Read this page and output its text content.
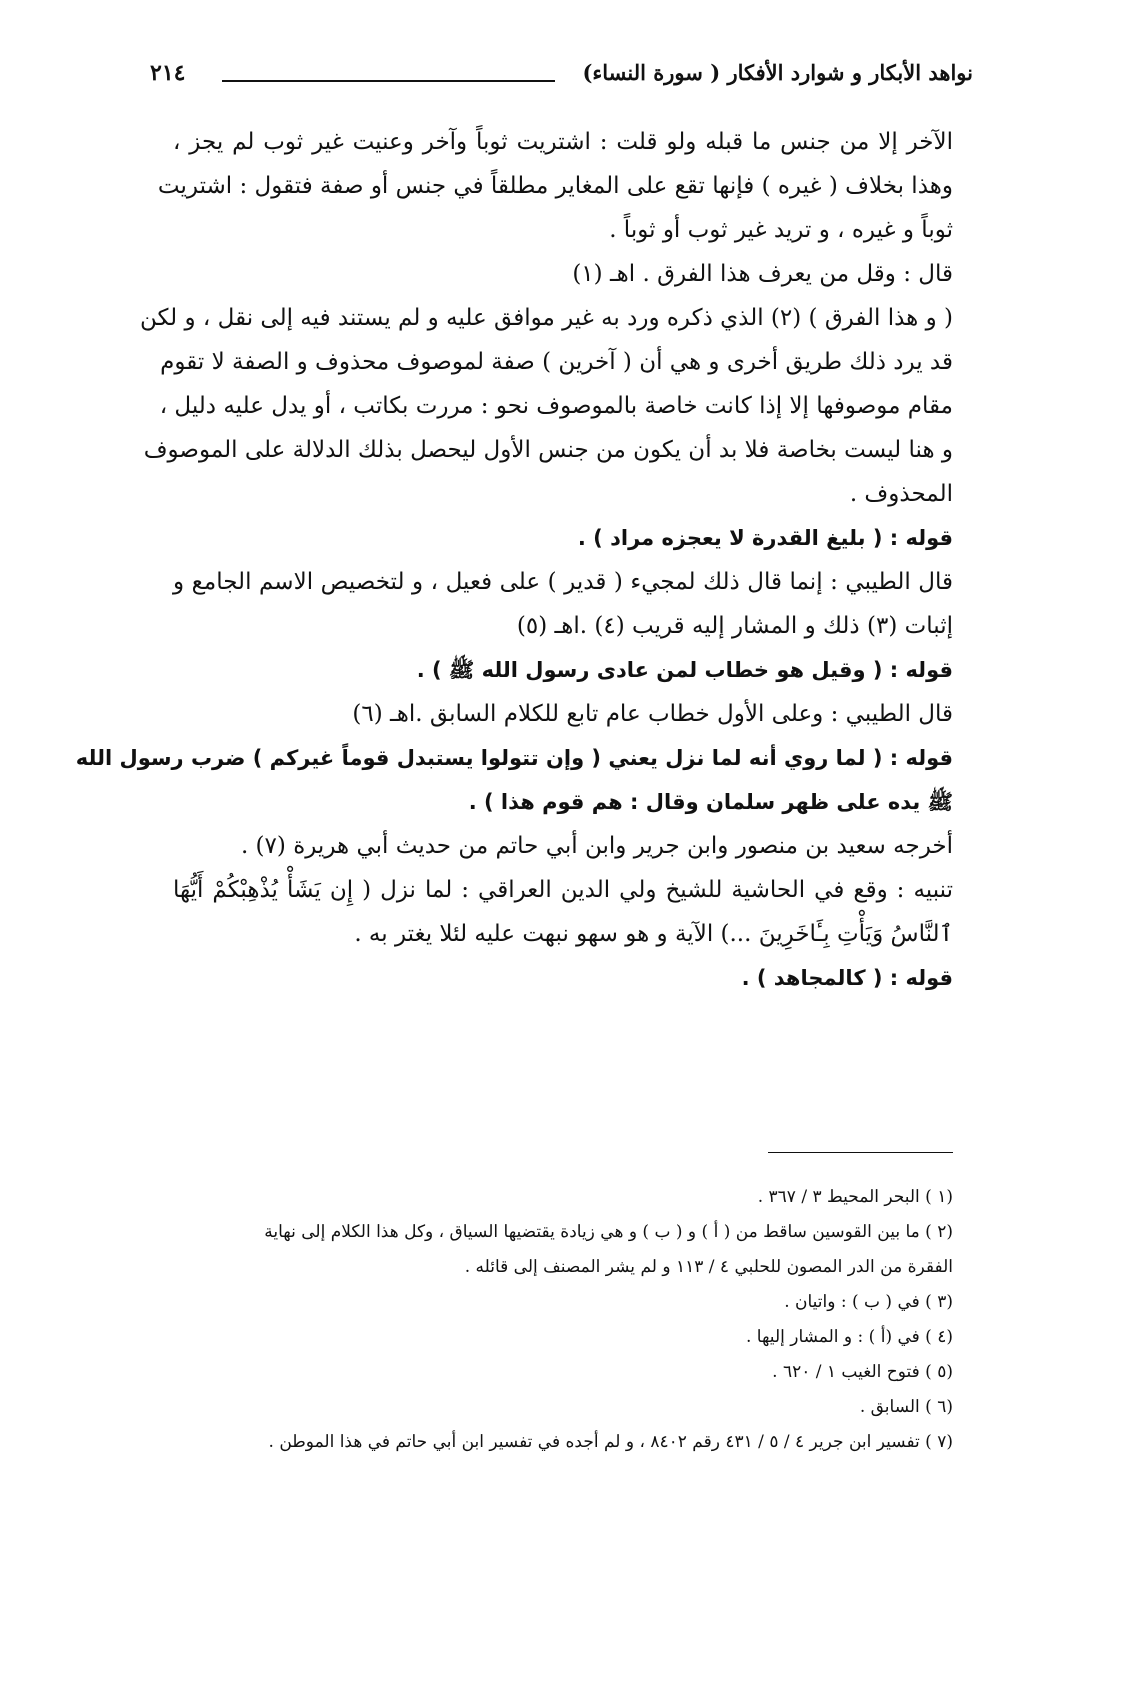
نواهد الأبكار و شوارد الأفكار ( سورة النساء)
٢١٤
الآخر إلا من جنس ما قبله ولو قلت : اشتريت ثوباً وآخر وعنيت غير ثوب لم يجز ،
وهذا بخلاف ( غيره ) فإنها تقع على المغاير مطلقاً في جنس أو صفة فتقول : اشتريت
ثوباً و غيره ، و تريد غير ثوب أو ثوباً .
قال : وقل من يعرف هذا الفرق . اهـ (١)
( و هذا الفرق ) (٢) الذي ذكره ورد به غير موافق عليه و لم يستند فيه إلى نقل ، و لكن
قد يرد ذلك طريق أخرى و هي أن ( آخرين ) صفة لموصوف محذوف و الصفة لا تقوم
مقام موصوفها إلا إذا كانت خاصة بالموصوف نحو : مررت بكاتب ، أو يدل عليه دليل ،
و هنا ليست بخاصة فلا بد أن يكون من جنس الأول ليحصل بذلك الدلالة على الموصوف
المحذوف .
قوله : ( بليغ القدرة لا يعجزه مراد ) .
قال الطيبي : إنما قال ذلك لمجيء ( قدير ) على فعيل ، و لتخصيص الاسم الجامع و
إثبات (٣) ذلك و المشار إليه قريب (٤) .اهـ (٥)
قوله : ( وقيل هو خطاب لمن عادى رسول الله ﷺ ) .
قال الطيبي : وعلى الأول خطاب عام تابع للكلام السابق .اهـ (٦)
قوله : ( لما روي أنه لما نزل يعني ( وإن تتولوا يستبدل قوماً غيركم ) ضرب رسول الله
ﷺ يده على ظهر سلمان وقال : هم قوم هذا ) .
أخرجه سعيد بن منصور وابن جرير وابن أبي حاتم من حديث أبي هريرة (٧) .
تنبيه : وقع في الحاشية للشيخ ولي الدين العراقي : لما نزل ( إِن يَشَأْ يُذْهِبْكُمْ أَيُّهَا
ٱلنَّاسُ وَيَأْتِ بِـَٔاخَرِينَ ...) الآية و هو سهو نبهت عليه لئلا يغتر به .
قوله : ( كالمجاهد ) .
(١ ) البحر المحيط ٣ / ٣٦٧ .
(٢ ) ما بين القوسين ساقط من ( أ ) و ( ب ) و هي زيادة يقتضيها السياق ، وكل هذا الكلام إلى نهاية
الفقرة من الدر المصون للحلبي ٤ / ١١٣ و لم يشر المصنف إلى قائله .
(٣ ) في ( ب ) : واتيان .
(٤ ) في (أ ) : و المشار إليها .
(٥ ) فتوح الغيب ١ / ٦٢٠ .
(٦ ) السابق .
(٧ ) تفسير ابن جرير ٤ / ٥ / ٤٣١ رقم ٨٤٠٢ ، و لم أجده في تفسير ابن أبي حاتم في هذا الموطن .
